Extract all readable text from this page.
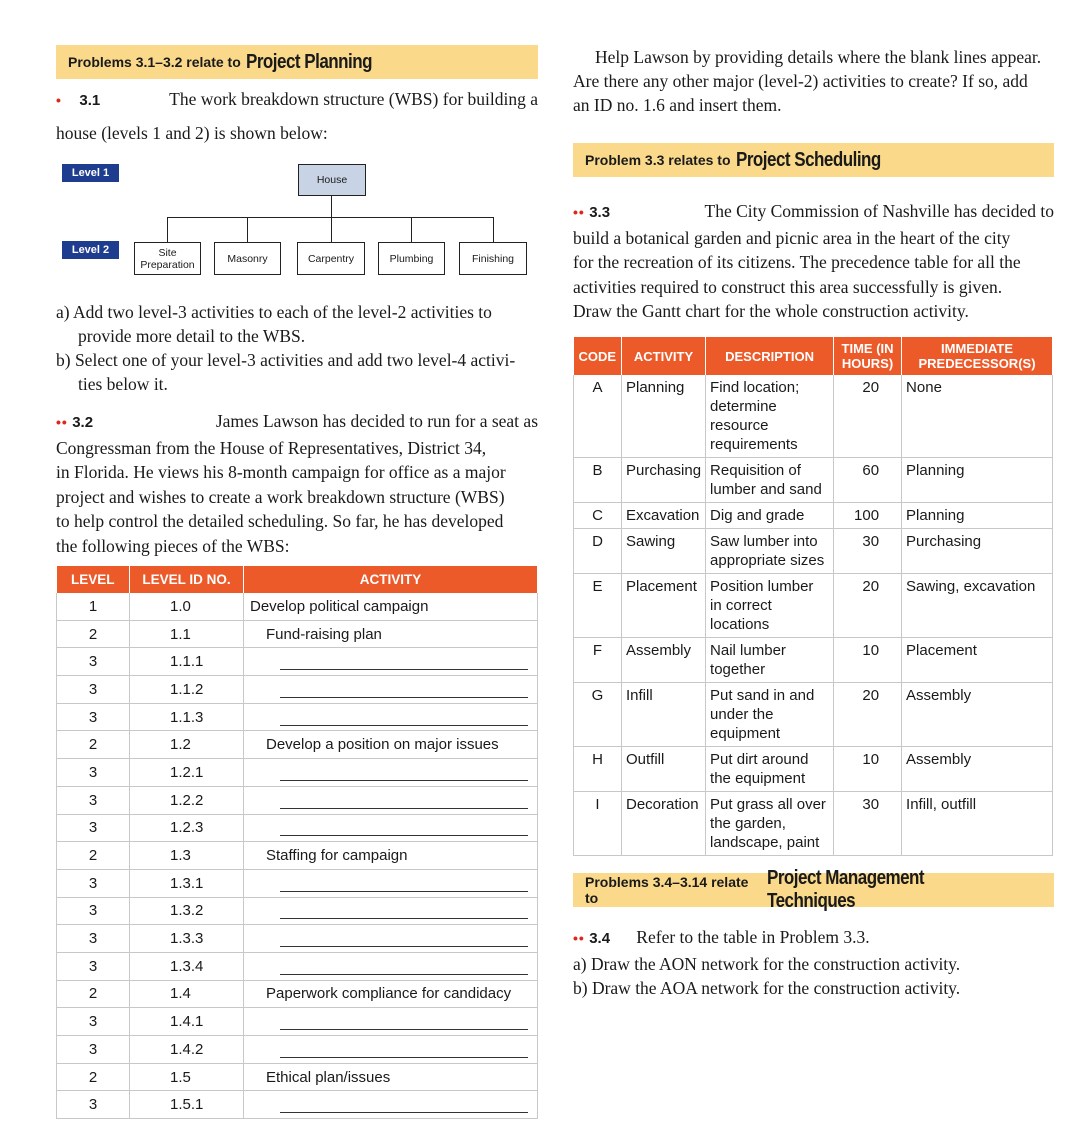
Problems 3.1–3.2 relate to Project Planning
• 3.1	The work breakdown structure (WBS) for building a
house (levels 1 and 2) is shown below:
Level 1
Level 2
House
Site Preparation	Masonry	Carpentry	Plumbing	Finishing
a) Add two level-3 activities to each of the level-2 activities to
provide more detail to the WBS.
b) Select one of your level-3 activities and add two level-4 activi-
ties below it.
•• 3.2	James Lawson has decided to run for a seat as
Congressman from the House of Representatives, District 34,
in Florida. He views his 8-month campaign for office as a major
project and wishes to create a work breakdown structure (WBS)
to help control the detailed scheduling. So far, he has developed
the following pieces of the WBS:
LEVEL	LEVEL ID NO.	ACTIVITY
1	1.0	Develop political campaign
2	1.1	Fund-raising plan
3	1.1.1	
3	1.1.2	
3	1.1.3	
2	1.2	Develop a position on major issues
3	1.2.1	
3	1.2.2	
3	1.2.3	
2	1.3	Staffing for campaign
3	1.3.1	
3	1.3.2	
3	1.3.3	
3	1.3.4	
2	1.4	Paperwork compliance for candidacy
3	1.4.1	
3	1.4.2	
2	1.5	Ethical plan/issues
3	1.5.1	
Help Lawson by providing details where the blank lines appear.
Are there any other major (level-2) activities to create? If so, add
an ID no. 1.6 and insert them.
Problem 3.3 relates to Project Scheduling
•• 3.3	The City Commission of Nashville has decided to
build a botanical garden and picnic area in the heart of the city
for the recreation of its citizens. The precedence table for all the
activities required to construct this area successfully is given.
Draw the Gantt chart for the whole construction activity.
CODE	ACTIVITY	DESCRIPTION	TIME (IN HOURS)	IMMEDIATE PREDECESSOR(S)
A	Planning	Find location; determine resource requirements	20	None
B	Purchasing	Requisition of lumber and sand	60	Planning
C	Excavation	Dig and grade	100	Planning
D	Sawing	Saw lumber into appropriate sizes	30	Purchasing
E	Placement	Position lumber in correct locations	20	Sawing, excavation
F	Assembly	Nail lumber together	10	Placement
G	Infill	Put sand in and under the equipment	20	Assembly
H	Outfill	Put dirt around the equipment	10	Assembly
I	Decoration	Put grass all over the garden, landscape, paint	30	Infill, outfill
Problems 3.4–3.14 relate to
Project Management Techniques
•• 3.4 Refer to the table in Problem 3.3.
a) Draw the AON network for the construction activity.
b) Draw the AOA network for the construction activity.
